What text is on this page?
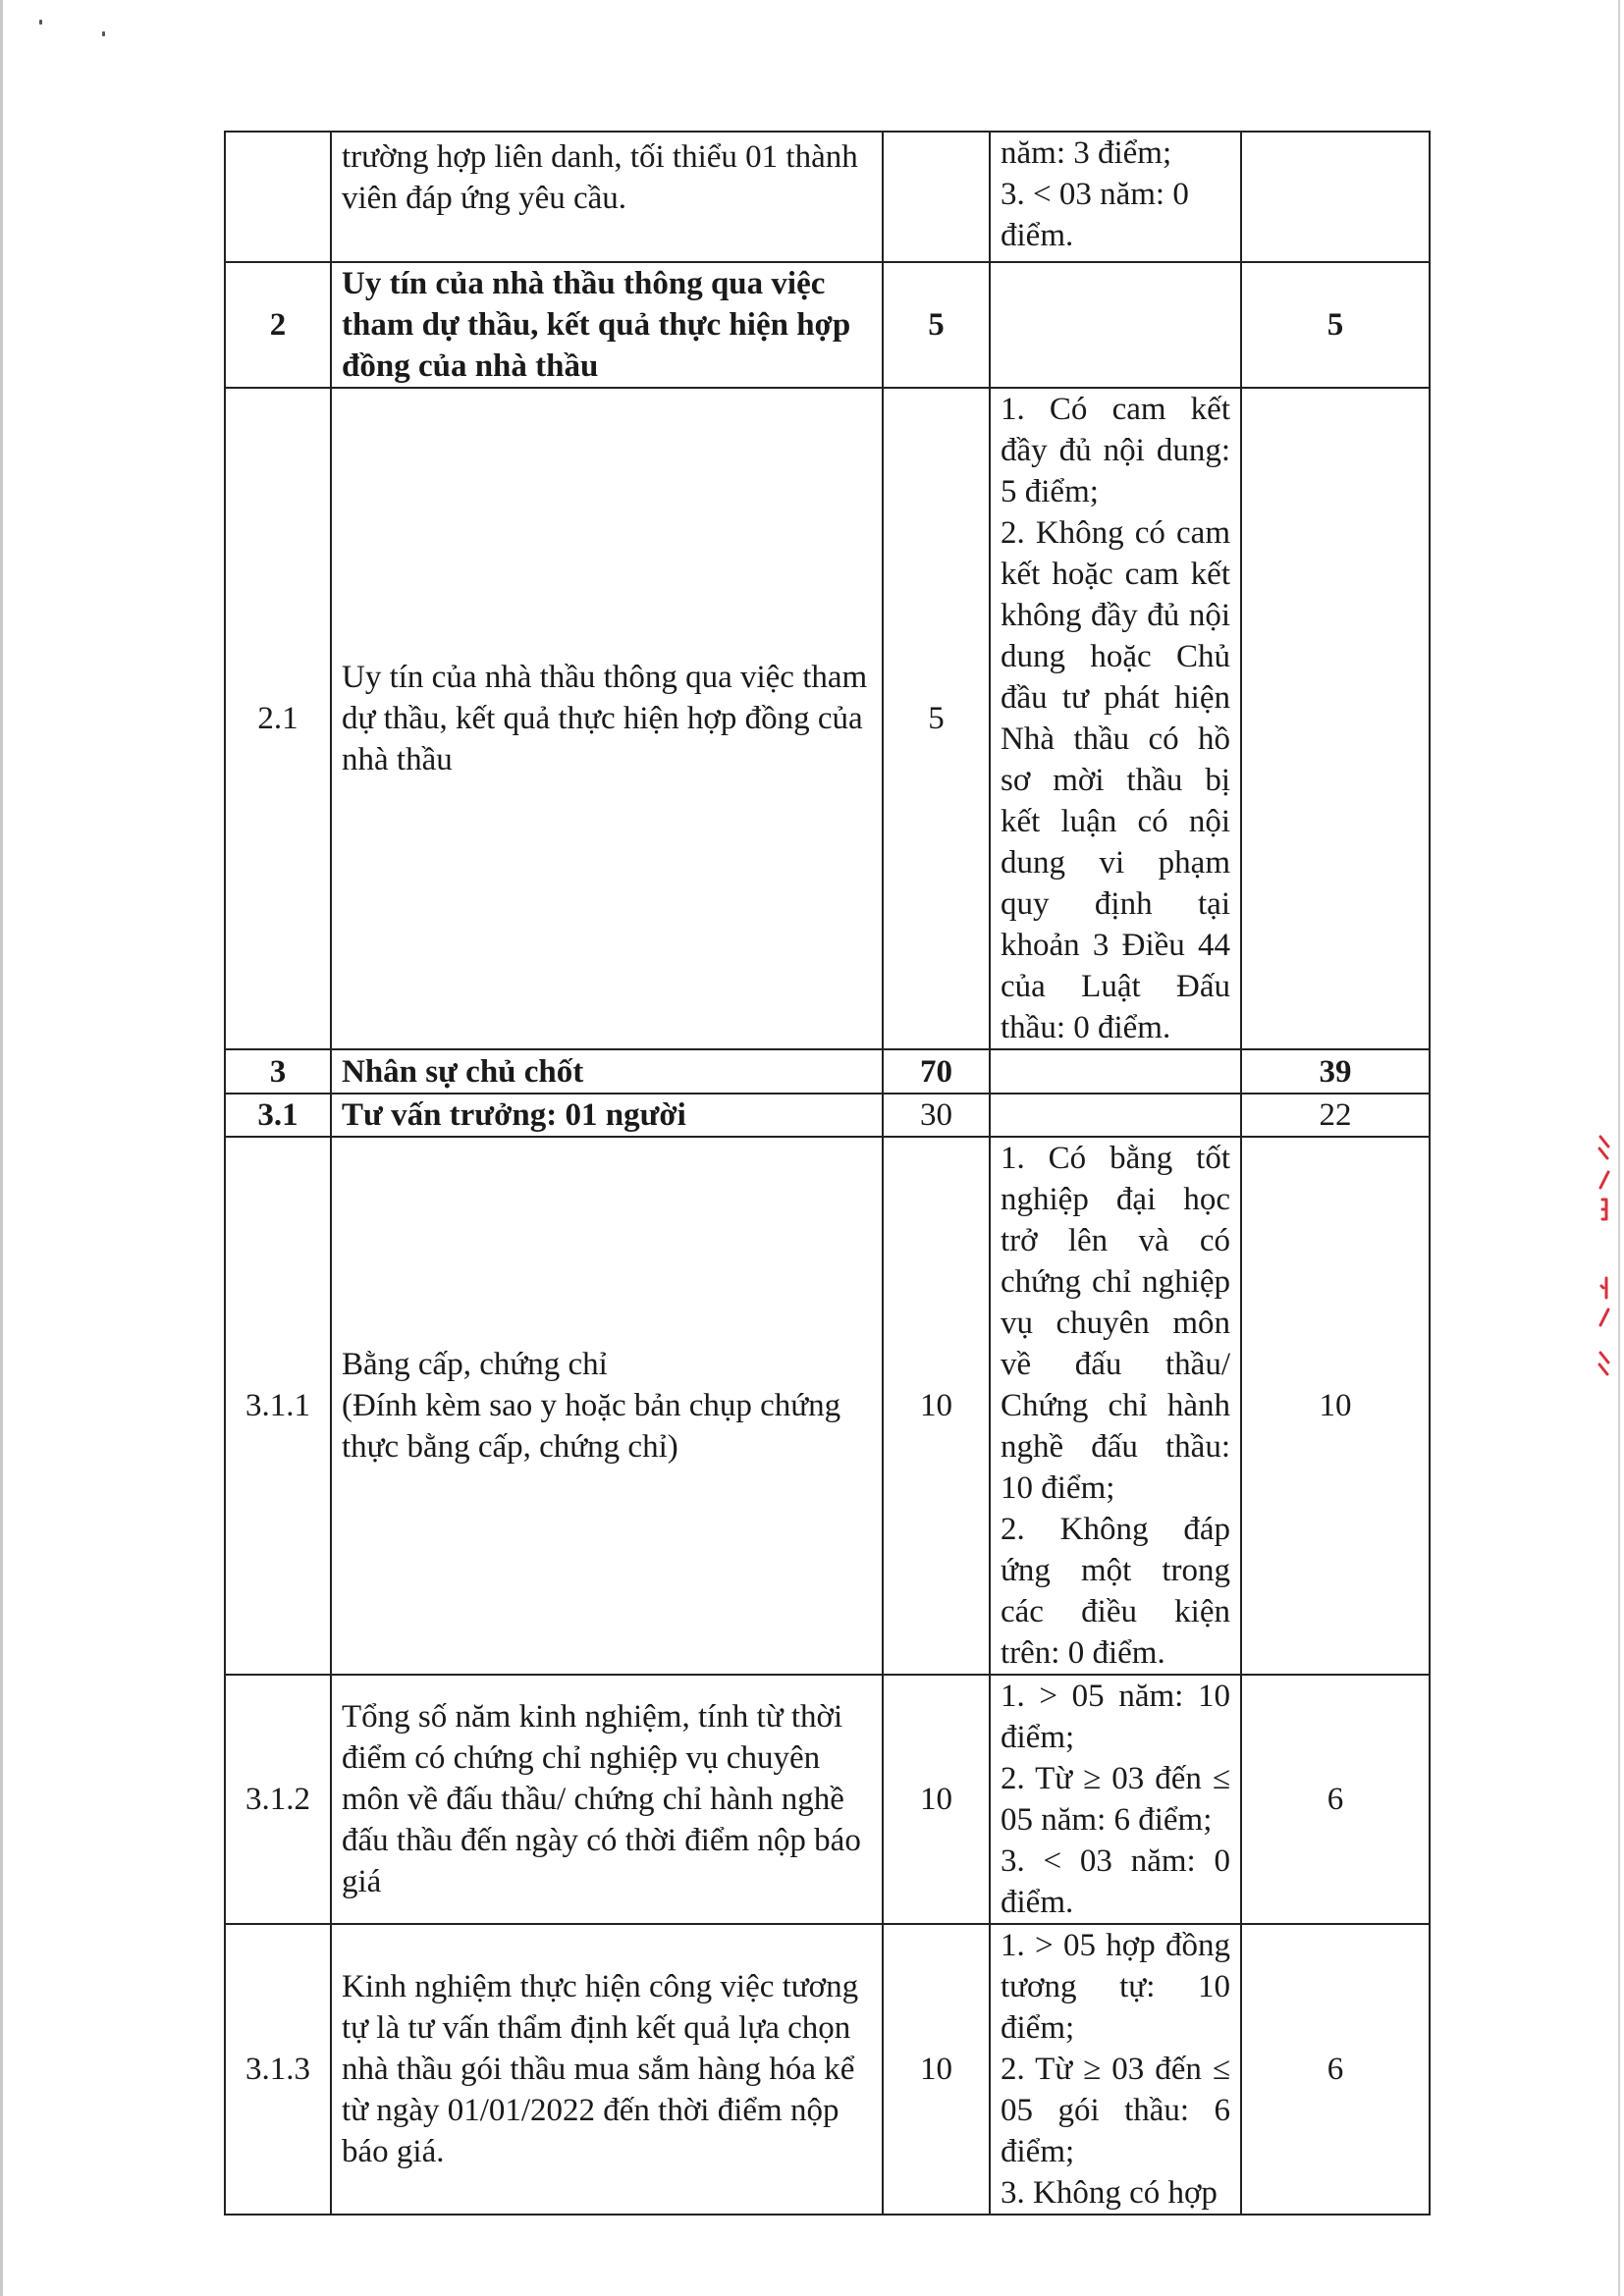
	trường hợp liên danh, tối thiểu 01 thành viên đáp ứng yêu cầu.		năm: 3 điểm;
3. < 03 năm: 0 điểm.	

2	Uy tín của nhà thầu thông qua việc tham dự thầu, kết quả thực hiện hợp đồng của nhà thầu	5		5
2.1	Uy tín của nhà thầu thông qua việc tham dự thầu, kết quả thực hiện hợp đồng của nhà thầu	5	1. Có cam kết đầy đủ nội dung: 5 điểm;
2. Không có cam kết hoặc cam kết không đầy đủ nội dung hoặc Chủ đầu tư phát hiện Nhà thầu có hồ sơ mời thầu bị kết luận có nội dung vi phạm quy định tại khoản 3 Điều 44 của Luật Đấu thầu: 0 điểm.	

3	Nhân sự chủ chốt	70		39
3.1	Tư vấn trưởng: 01 người	30		22
3.1.1	Bằng cấp, chứng chỉ
(Đính kèm sao y hoặc bản chụp chứng thực bằng cấp, chứng chỉ)	10	1. Có bằng tốt nghiệp đại học trở lên và có chứng chỉ nghiệp vụ chuyên môn về đấu thầu/ Chứng chỉ hành nghề đấu thầu: 10 điểm;
2. Không đáp ứng một trong các điều kiện trên: 0 điểm.	10
3.1.2	Tổng số năm kinh nghiệm, tính từ thời điểm có chứng chỉ nghiệp vụ chuyên môn về đấu thầu/ chứng chỉ hành nghề đấu thầu đến ngày có thời điểm nộp báo giá	10	1. > 05 năm: 10 điểm;
2. Từ ≥ 03 đến ≤ 05 năm: 6 điểm;
3. < 03 năm: 0 điểm.	6
3.1.3	Kinh nghiệm thực hiện công việc tương tự là tư vấn thẩm định kết quả lựa chọn nhà thầu gói thầu mua sắm hàng hóa kể từ ngày 01/01/2022 đến thời điểm nộp báo giá.	10	1. > 05 hợp đồng tương tự: 10 điểm;
2. Từ ≥ 03 đến ≤ 05 gói thầu: 6 điểm;
3. Không có hợp	6
